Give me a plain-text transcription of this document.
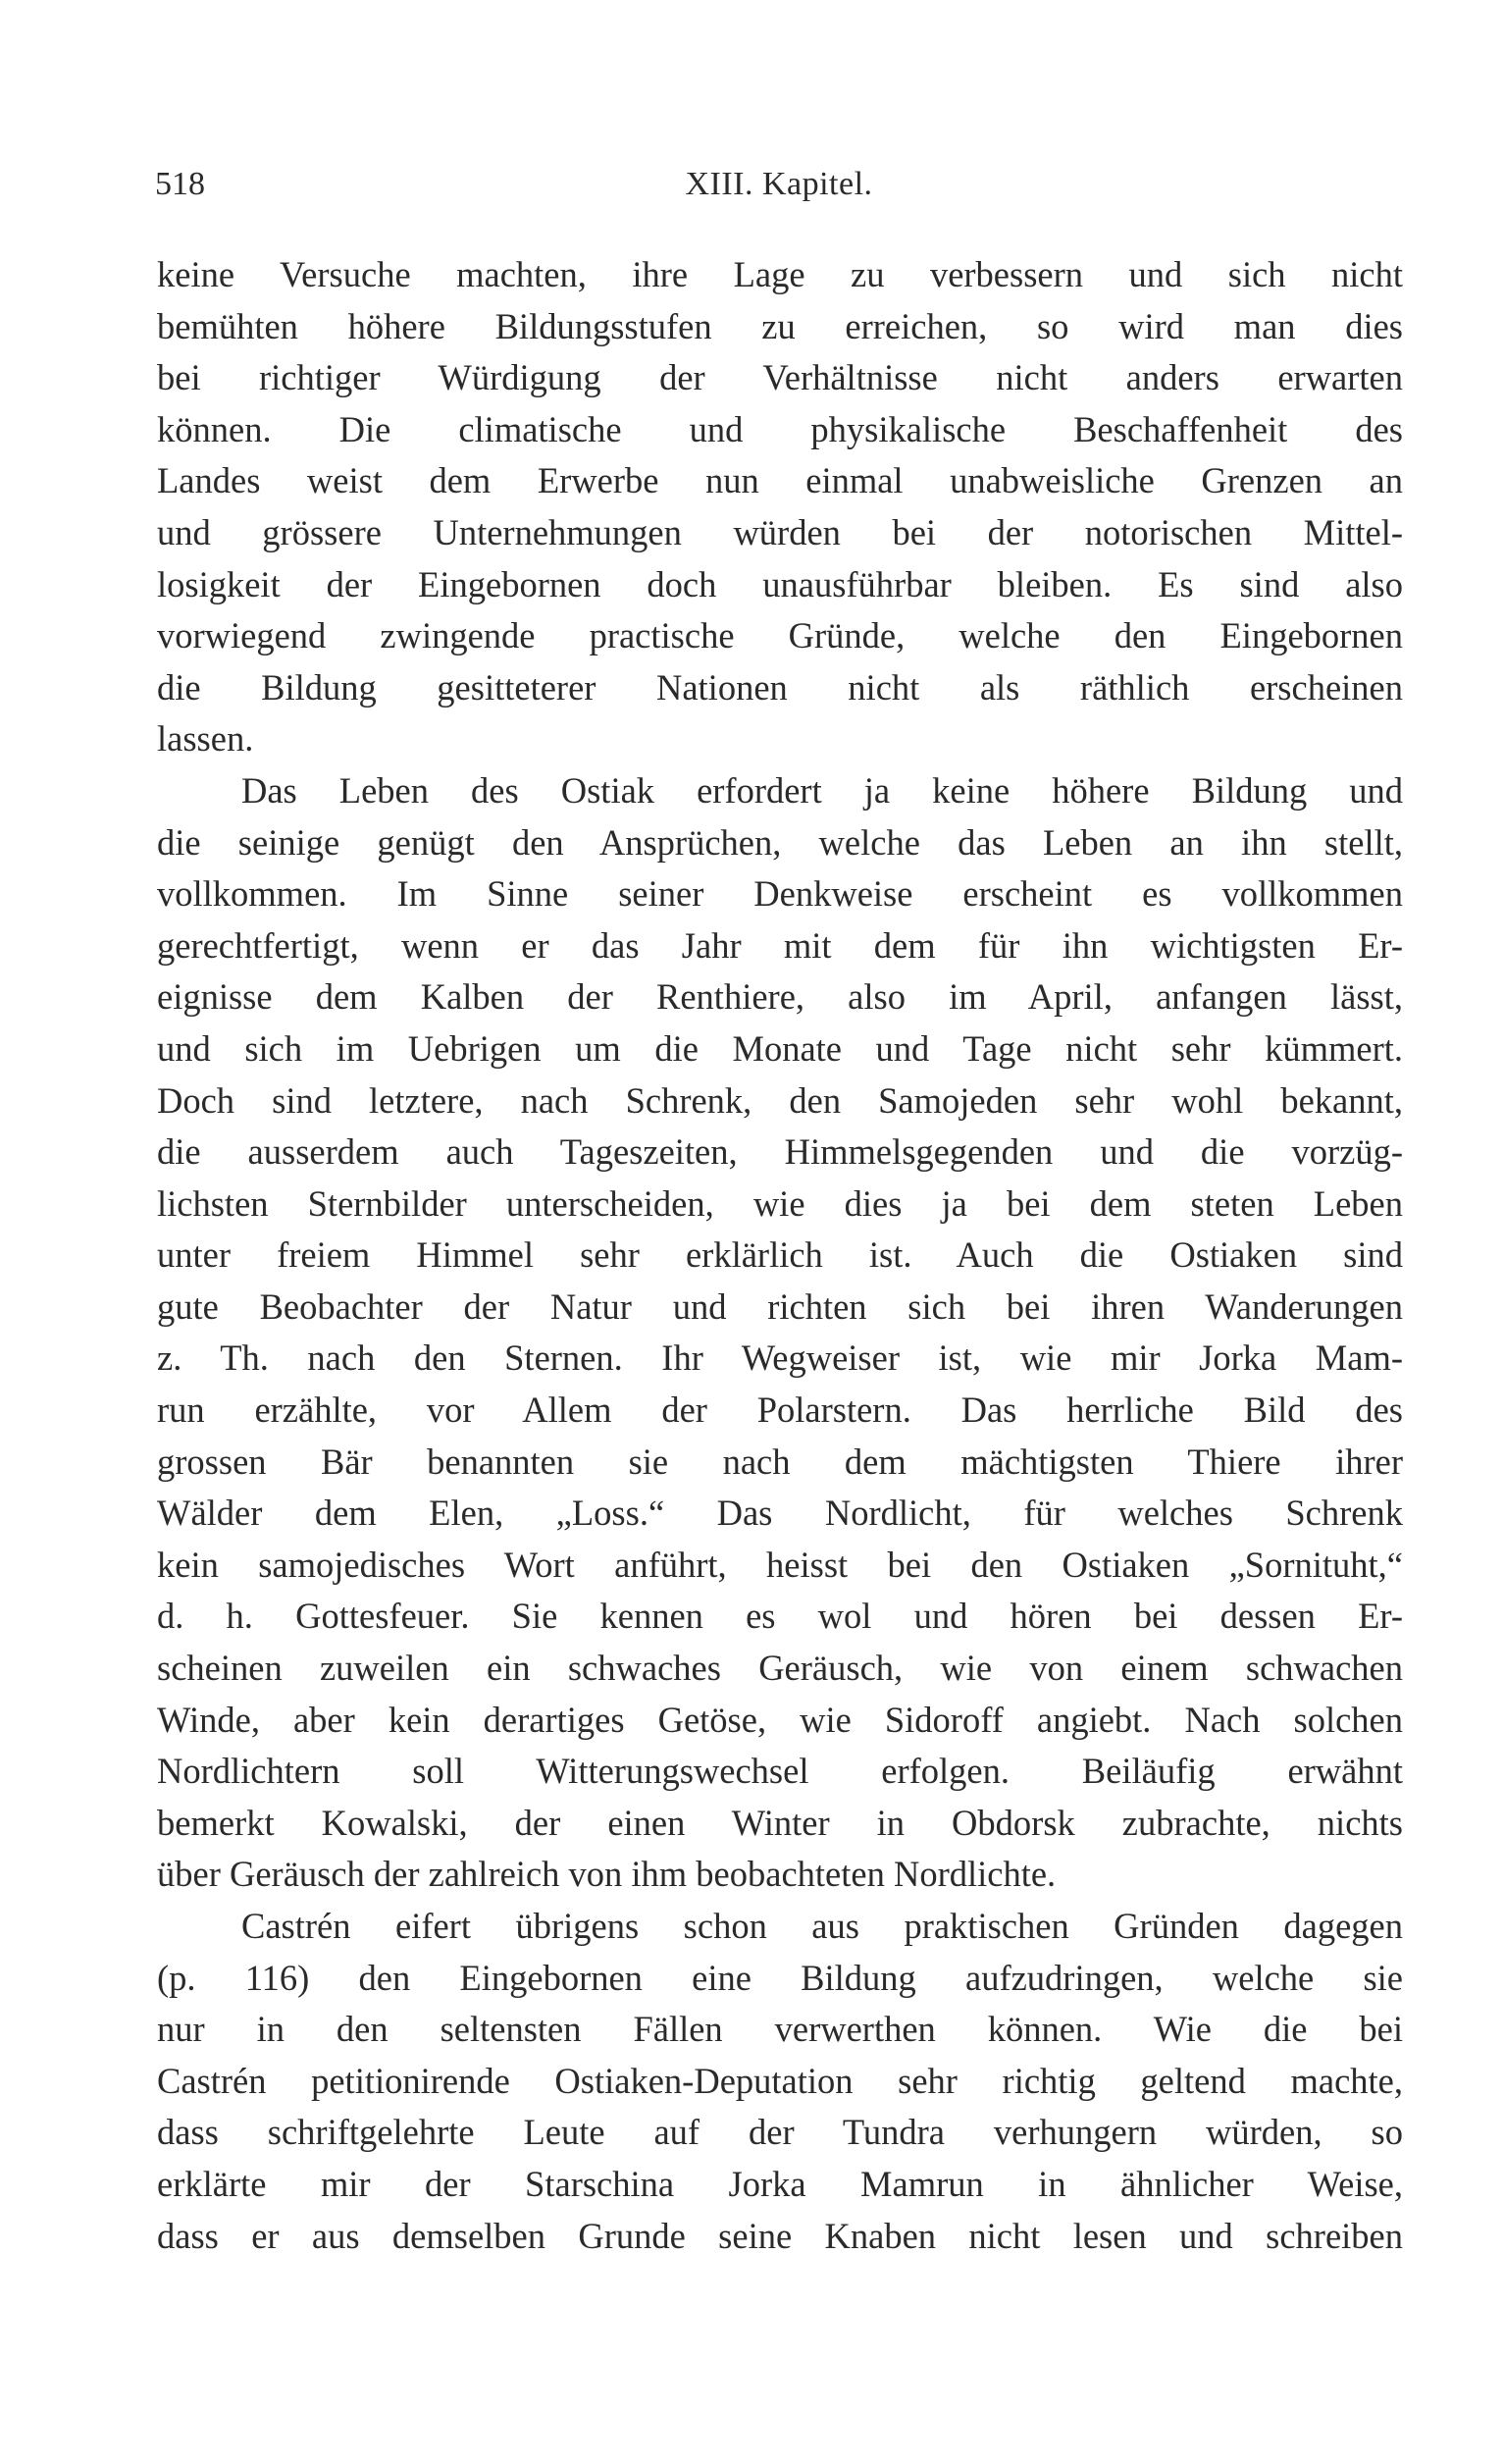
518	XIII. Kapitel.

keine Versuche machten, ihre Lage zu verbessern und sich nicht
bemühten höhere Bildungsstufen zu erreichen, so wird man dies
bei richtiger Würdigung der Verhältnisse nicht anders erwarten
können. Die climatische und physikalische Beschaffenheit des
Landes weist dem Erwerbe nun einmal unabweisliche Grenzen an
und grössere Unternehmungen würden bei der notorischen Mittel-
losigkeit der Eingebornen doch unausführbar bleiben. Es sind also
vorwiegend zwingende practische Gründe, welche den Eingebornen
die Bildung gesitteterer Nationen nicht als räthlich erscheinen
lassen.

Das Leben des Ostiak erfordert ja keine höhere Bildung und
die seinige genügt den Ansprüchen, welche das Leben an ihn stellt,
vollkommen. Im Sinne seiner Denkweise erscheint es vollkommen
gerechtfertigt, wenn er das Jahr mit dem für ihn wichtigsten Er-
eignisse dem Kalben der Renthiere, also im April, anfangen lässt,
und sich im Uebrigen um die Monate und Tage nicht sehr kümmert.
Doch sind letztere, nach Schrenk, den Samojeden sehr wohl bekannt,
die ausserdem auch Tageszeiten, Himmelsgegenden und die vorzüg-
lichsten Sternbilder unterscheiden, wie dies ja bei dem steten Leben
unter freiem Himmel sehr erklärlich ist. Auch die Ostiaken sind
gute Beobachter der Natur und richten sich bei ihren Wanderungen
z. Th. nach den Sternen. Ihr Wegweiser ist, wie mir Jorka Mam-
run erzählte, vor Allem der Polarstern. Das herrliche Bild des
grossen Bär benannten sie nach dem mächtigsten Thiere ihrer
Wälder dem Elen, „Loss.“ Das Nordlicht, für welches Schrenk
kein samojedisches Wort anführt, heisst bei den Ostiaken „Sornituht,“
d. h. Gottesfeuer. Sie kennen es wol und hören bei dessen Er-
scheinen zuweilen ein schwaches Geräusch, wie von einem schwachen
Winde, aber kein derartiges Getöse, wie Sidoroff angiebt. Nach solchen
Nordlichtern soll Witterungswechsel erfolgen. Beiläufig erwähnt
bemerkt Kowalski, der einen Winter in Obdorsk zubrachte, nichts
über Geräusch der zahlreich von ihm beobachteten Nordlichte.

Castrén eifert übrigens schon aus praktischen Gründen dagegen
(p. 116) den Eingebornen eine Bildung aufzudringen, welche sie
nur in den seltensten Fällen verwerthen können. Wie die bei
Castrén petitionirende Ostiaken-Deputation sehr richtig geltend machte,
dass schriftgelehrte Leute auf der Tundra verhungern würden, so
erklärte mir der Starschina Jorka Mamrun in ähnlicher Weise,
dass er aus demselben Grunde seine Knaben nicht lesen und schreiben
